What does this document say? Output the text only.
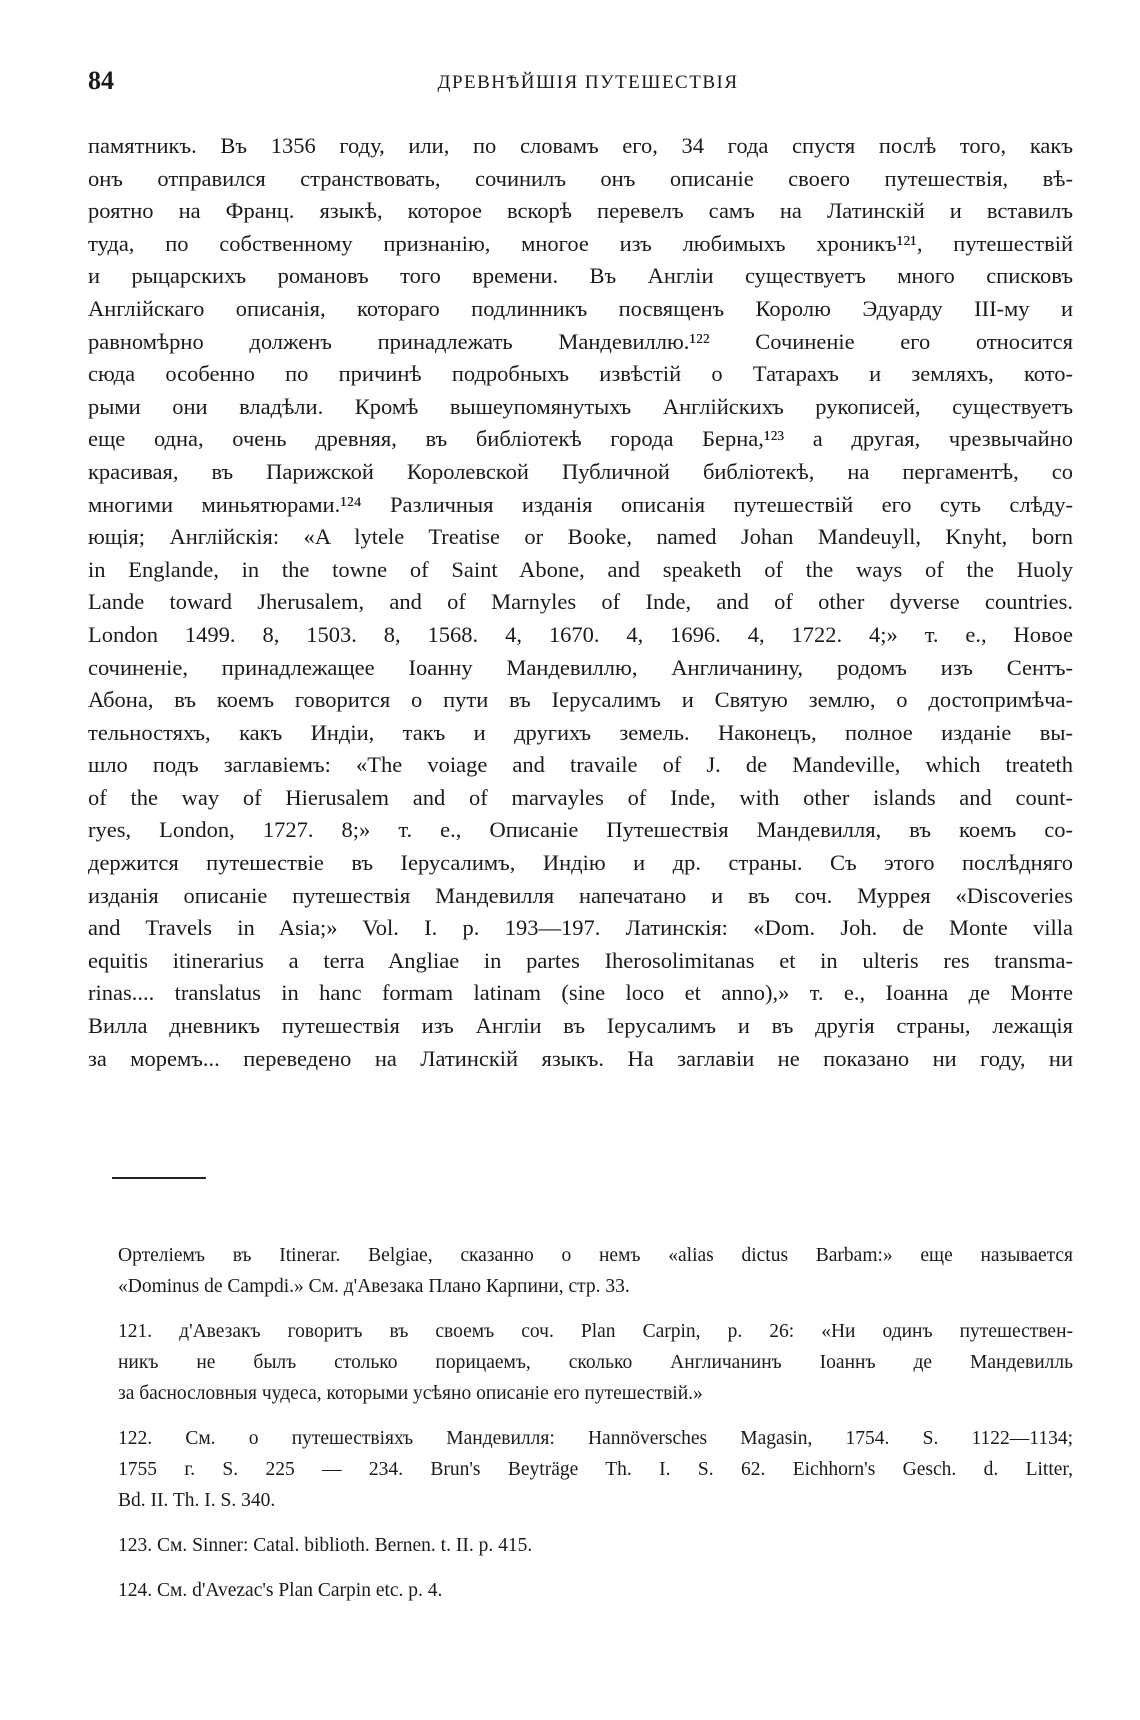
84	ДРЕВНѢЙШІЯ ПУТЕШЕСТВІЯ
памятникъ. Въ 1356 году, или, по словамъ его, 34 года спустя послѣ того, какъ
онъ отправился странствовать, сочинилъ онъ описаніе своего путешествія, вѣ-
роятно на Франц. языкѣ, которое вскорѣ перевелъ самъ на Латинскій и вставилъ
туда, по собственному признанію, многое изъ любимыхъ хроникъ¹²¹, путешествій
и рыцарскихъ романовъ того времени. Въ Англіи существуетъ много списковъ
Англійскаго описанія, котораго подлинникъ посвященъ Королю Эдуарду III-му и
равномѣрно долженъ принадлежать Мандевиллю.¹²² Сочиненіе его относится
сюда особенно по причинѣ подробныхъ извѣстій о Татарахъ и земляхъ, кото-
рыми они владѣли. Кромѣ вышеупомянутыхъ Англійскихъ рукописей, существуетъ
еще одна, очень древняя, въ библіотекѣ города Берна,¹²³ а другая, чрезвычайно
красивая, въ Парижской Королевской Публичной библіотекѣ, на пергаментѣ, со
многими миньятюрами.¹²⁴ Различныя изданія описанія путешествій его суть слѣду-
ющія; Англійскія: «A lytele Treatise or Booke, named Johan Mandeuyll, Knyht, born
in Englande, in the towne of Saint Abone, and speaketh of the ways of the Huoly
Lande toward Jherusalem, and of Marnyles of Inde, and of other dyverse countries.
London 1499. 8, 1503. 8, 1568. 4, 1670. 4, 1696. 4, 1722. 4;» т. е., Новое
сочиненіе, принадлежащее Іоанну Мандевиллю, Англичанину, родомъ изъ Сентъ-
Абона, въ коемъ говорится о пути въ Іерусалимъ и Святую землю, о достопримѣча-
тельностяхъ, какъ Индіи, такъ и другихъ земель. Наконецъ, полное изданіе вы-
шло подъ заглавіемъ: «The voiage and travaile of J. de Mandeville, which treateth
of the way of Hierusalem and of marvayles of Inde, with other islands and count-
ryes, London, 1727. 8;» т. е., Описаніе Путешествія Мандевилля, въ коемъ со-
держится путешествіе въ Іерусалимъ, Индію и др. страны. Съ этого послѣдняго
изданія описаніе путешествія Мандевилля напечатано и въ соч. Муррея «Discoveries
and Travels in Asia;» Vol. I. p. 193—197. Латинскія: «Dom. Joh. de Monte villa
equitis itinerarius a terra Angliae in partes Iherosolimitanas et in ulteris res transma-
rinas.... translatus in hanc formam latinam (sine loco et anno),» т. е., Іоанна де Монте
Вилла дневникъ путешествія изъ Англіи въ Іерусалимъ и въ другія страны, лежащія
за моремъ... переведено на Латинскій языкъ. На заглавіи не показано ни году, ни
Ортеліемъ въ Itinerar. Belgiae, сказанно о немъ «alias dictus Barbam:» еще называется
«Dominus de Campdi.» См. д'Авезака Плано Карпини, стр. 33.
121. д'Авезакъ говоритъ въ своемъ соч. Plan Carpin, p. 26: «Ни одинъ путешествен-
никъ не былъ столько порицаемъ, сколько Англичанинъ Іоаннъ де Мандевилль
за баснословныя чудеса, которыми усѣяно описаніе его путешествій.»
122. См. о путешествіяхъ Мандевилля: Hannöversches Magasin, 1754. S. 1122—1134;
1755 г. S. 225 — 234. Brun's Beyträge Th. I. S. 62. Eichhorn's Gesch. d. Litter,
Bd. II. Th. I. S. 340.
123. См. Sinner: Catal. biblioth. Bernen. t. II. p. 415.
124. См. d'Avezac's Plan Carpin etc. p. 4.
